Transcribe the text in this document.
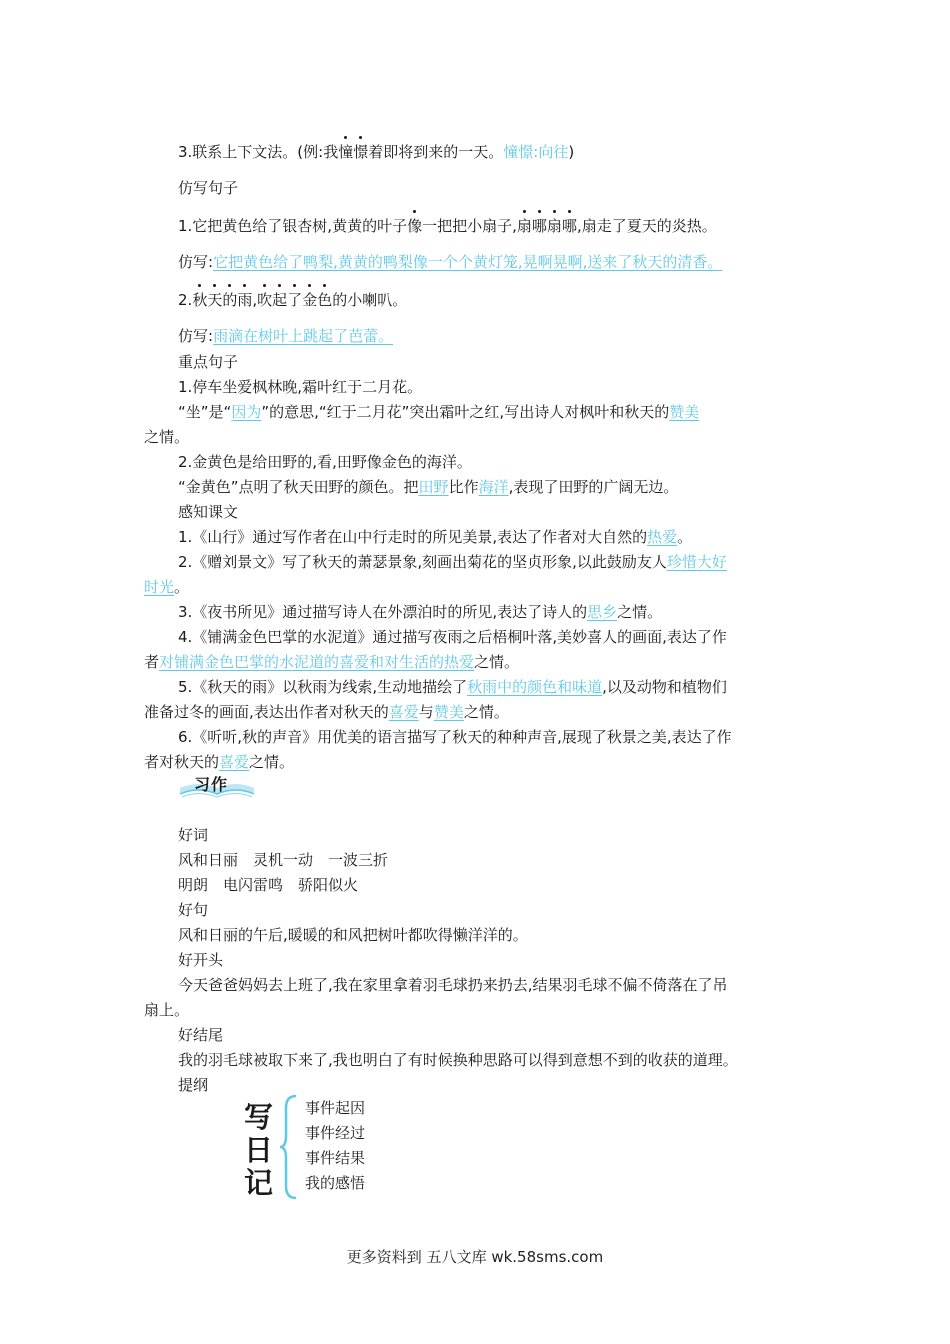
3.联系上下文法。(例:我憧憬着即将到来的一天。憧憬:向往)
仿写句子
1.它把黄色给了银杏树,黄黄的叶子像一把把小扇子,扇哪扇哪,扇走了夏天的炎热。
仿写:它把黄色给了鸭梨,黄黄的鸭梨像一个个黄灯笼,晃啊晃啊,送来了秋天的清香。
2.秋天的雨,吹起了金色的小喇叭。
仿写:雨滴在树叶上跳起了芭蕾。
重点句子
1.停车坐爱枫林晚,霜叶红于二月花。
“坐”是“因为”的意思,“红于二月花”突出霜叶之红,写出诗人对枫叶和秋天的赞美
之情。
2.金黄色是给田野的,看,田野像金色的海洋。
“金黄色”点明了秋天田野的颜色。把田野比作海洋,表现了田野的广阔无边。
感知课文
1.《山行》通过写作者在山中行走时的所见美景,表达了作者对大自然的热爱。
2.《赠刘景文》写了秋天的萧瑟景象,刻画出菊花的坚贞形象,以此鼓励友人珍惜大好
时光。
3.《夜书所见》通过描写诗人在外漂泊时的所见,表达了诗人的思乡之情。
4.《铺满金色巴掌的水泥道》通过描写夜雨之后梧桐叶落,美妙喜人的画面,表达了作
者对铺满金色巴掌的水泥道的喜爱和对生活的热爱之情。
5.《秋天的雨》以秋雨为线索,生动地描绘了秋雨中的颜色和味道,以及动物和植物们
准备过冬的画面,表达出作者对秋天的喜爱与赞美之情。
6.《听听,秋的声音》用优美的语言描写了秋天的种种声音,展现了秋景之美,表达了作
者对秋天的喜爱之情。
习作
好词
风和日丽　灵机一动　一波三折
明朗　电闪雷鸣　骄阳似火
好句
风和日丽的午后,暖暖的和风把树叶都吹得懒洋洋的。
好开头
今天爸爸妈妈去上班了,我在家里拿着羽毛球扔来扔去,结果羽毛球不偏不倚落在了吊
扇上。
好结尾
我的羽毛球被取下来了,我也明白了有时候换种思路可以得到意想不到的收获的道理。
提纲
写
日
记
事件起因
事件经过
事件结果
我的感悟
更多资料到 五八文库 wk.58sms.com
